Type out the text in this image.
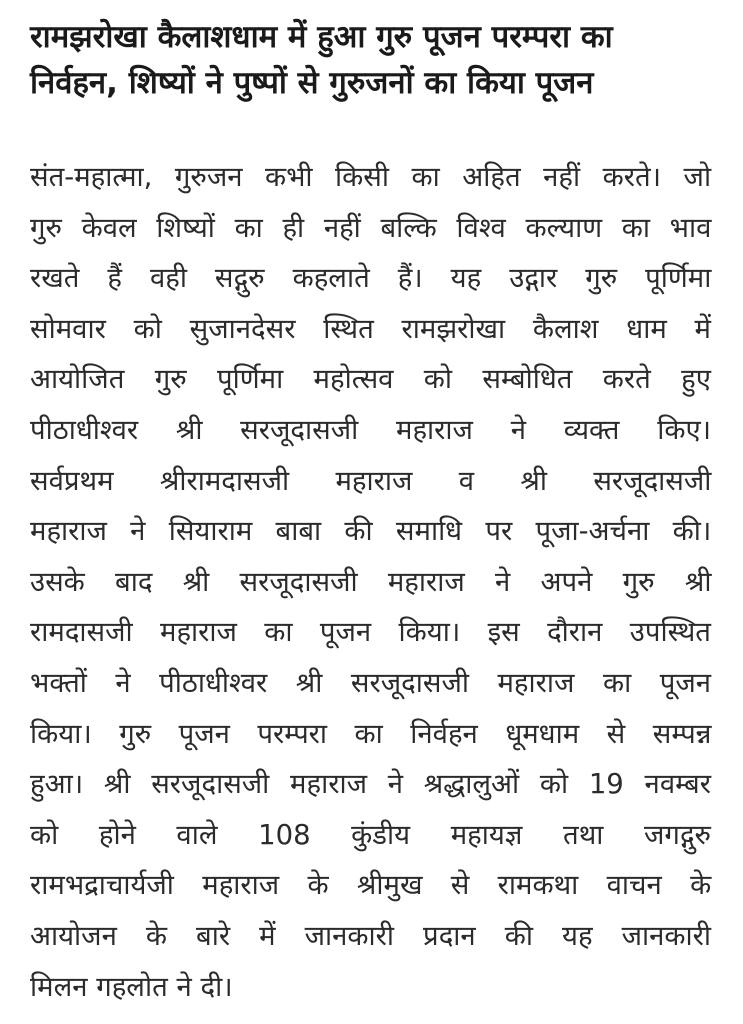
रामझरोखा कैलाशधाम में हुआ गुरु पूजन परम्परा का
निर्वहन, शिष्यों ने पुष्पों से गुरुजनों का किया पूजन
संत-महात्मा, गुरुजन कभी किसी का अहित नहीं करते। जो
गुरु केवल शिष्यों का ही नहीं बल्कि विश्व कल्याण का भाव
रखते हैं वही सद्गुरु कहलाते हैं। यह उद्गार गुरु पूर्णिमा
सोमवार को सुजानदेसर स्थित रामझरोखा कैलाश धाम में
आयोजित गुरु पूर्णिमा महोत्सव को सम्बोधित करते हुए
पीठाधीश्वर श्री सरजूदासजी महाराज ने व्यक्त किए।
सर्वप्रथम श्रीरामदासजी महाराज व श्री सरजूदासजी
महाराज ने सियाराम बाबा की समाधि पर पूजा-अर्चना की।
उसके बाद श्री सरजूदासजी महाराज ने अपने गुरु श्री
रामदासजी महाराज का पूजन किया। इस दौरान उपस्थित
भक्तों ने पीठाधीश्वर श्री सरजूदासजी महाराज का पूजन
किया। गुरु पूजन परम्परा का निर्वहन धूमधाम से सम्पन्न
हुआ। श्री सरजूदासजी महाराज ने श्रद्धालुओं को 19 नवम्बर
को होने वाले 108 कुंडीय महायज्ञ तथा जगद्गुरु
रामभद्राचार्यजी महाराज के श्रीमुख से रामकथा वाचन के
आयोजन के बारे में जानकारी प्रदान की यह जानकारी
मिलन गहलोत ने दी।
